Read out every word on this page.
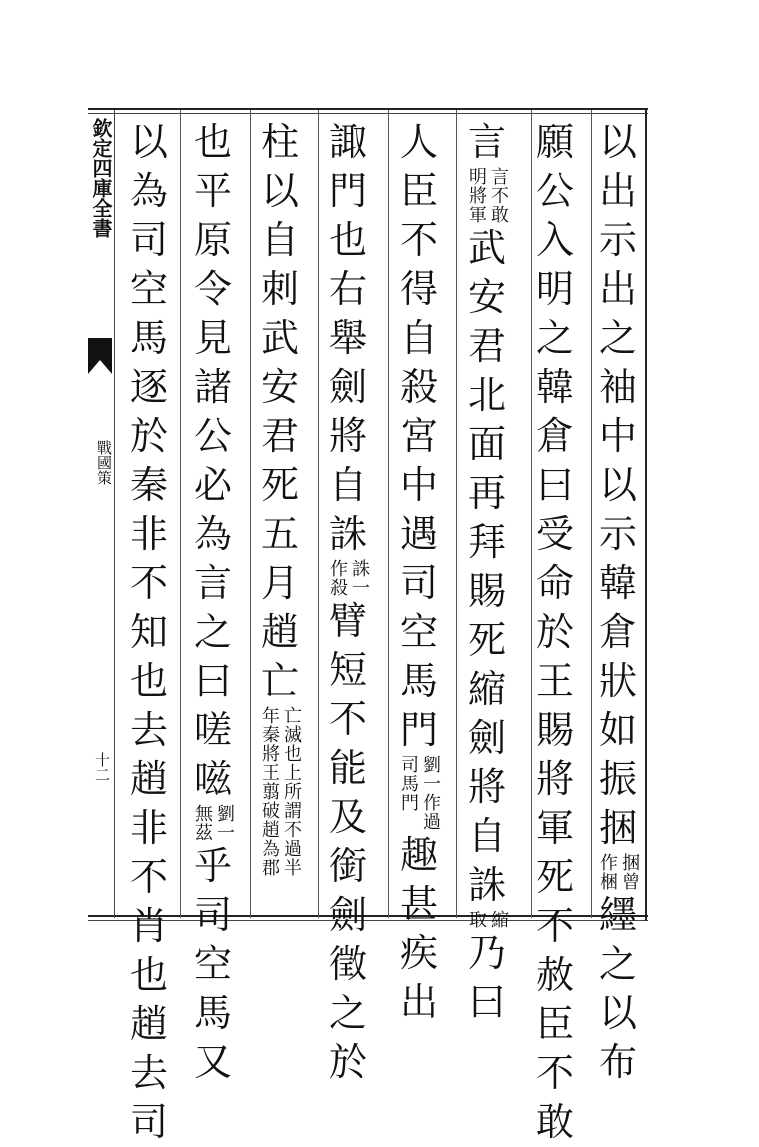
欽定四庫全書
戰國策
十二
以
出
示
出
之
袖
中
以
示
韓
倉
狀
如
振
捆
捆曾
作梱
纆
之
以
布
願
公
入
明
之
韓
倉
曰
受
命
於
王
賜
將
軍
死
不
赦
臣
不
敢
言
言不敢
明將軍
武
安
君
北
面
再
拜
賜
死
縮
劍
將
自
誅
縮
取
乃
曰
人
臣
不
得
自
殺
宮
中
遇
司
空
馬
門
劉一作過
司馬門
趣
甚
疾
出
諏
門
也
右
舉
劍
將
自
誅
誅一
作殺
臂
短
不
能
及
銜
劍
徵
之
於
柱
以
自
刺
武
安
君
死
五
月
趙
亡
亡滅也上所謂不過半
年秦將王翦破趙為郡
也
平
原
令
見
諸
公
必
為
言
之
曰
嗟
嗞
劉一
無茲
乎
司
空
馬
又
以
為
司
空
馬
逐
於
秦
非
不
知
也
去
趙
非
不
肖
也
趙
去
司
